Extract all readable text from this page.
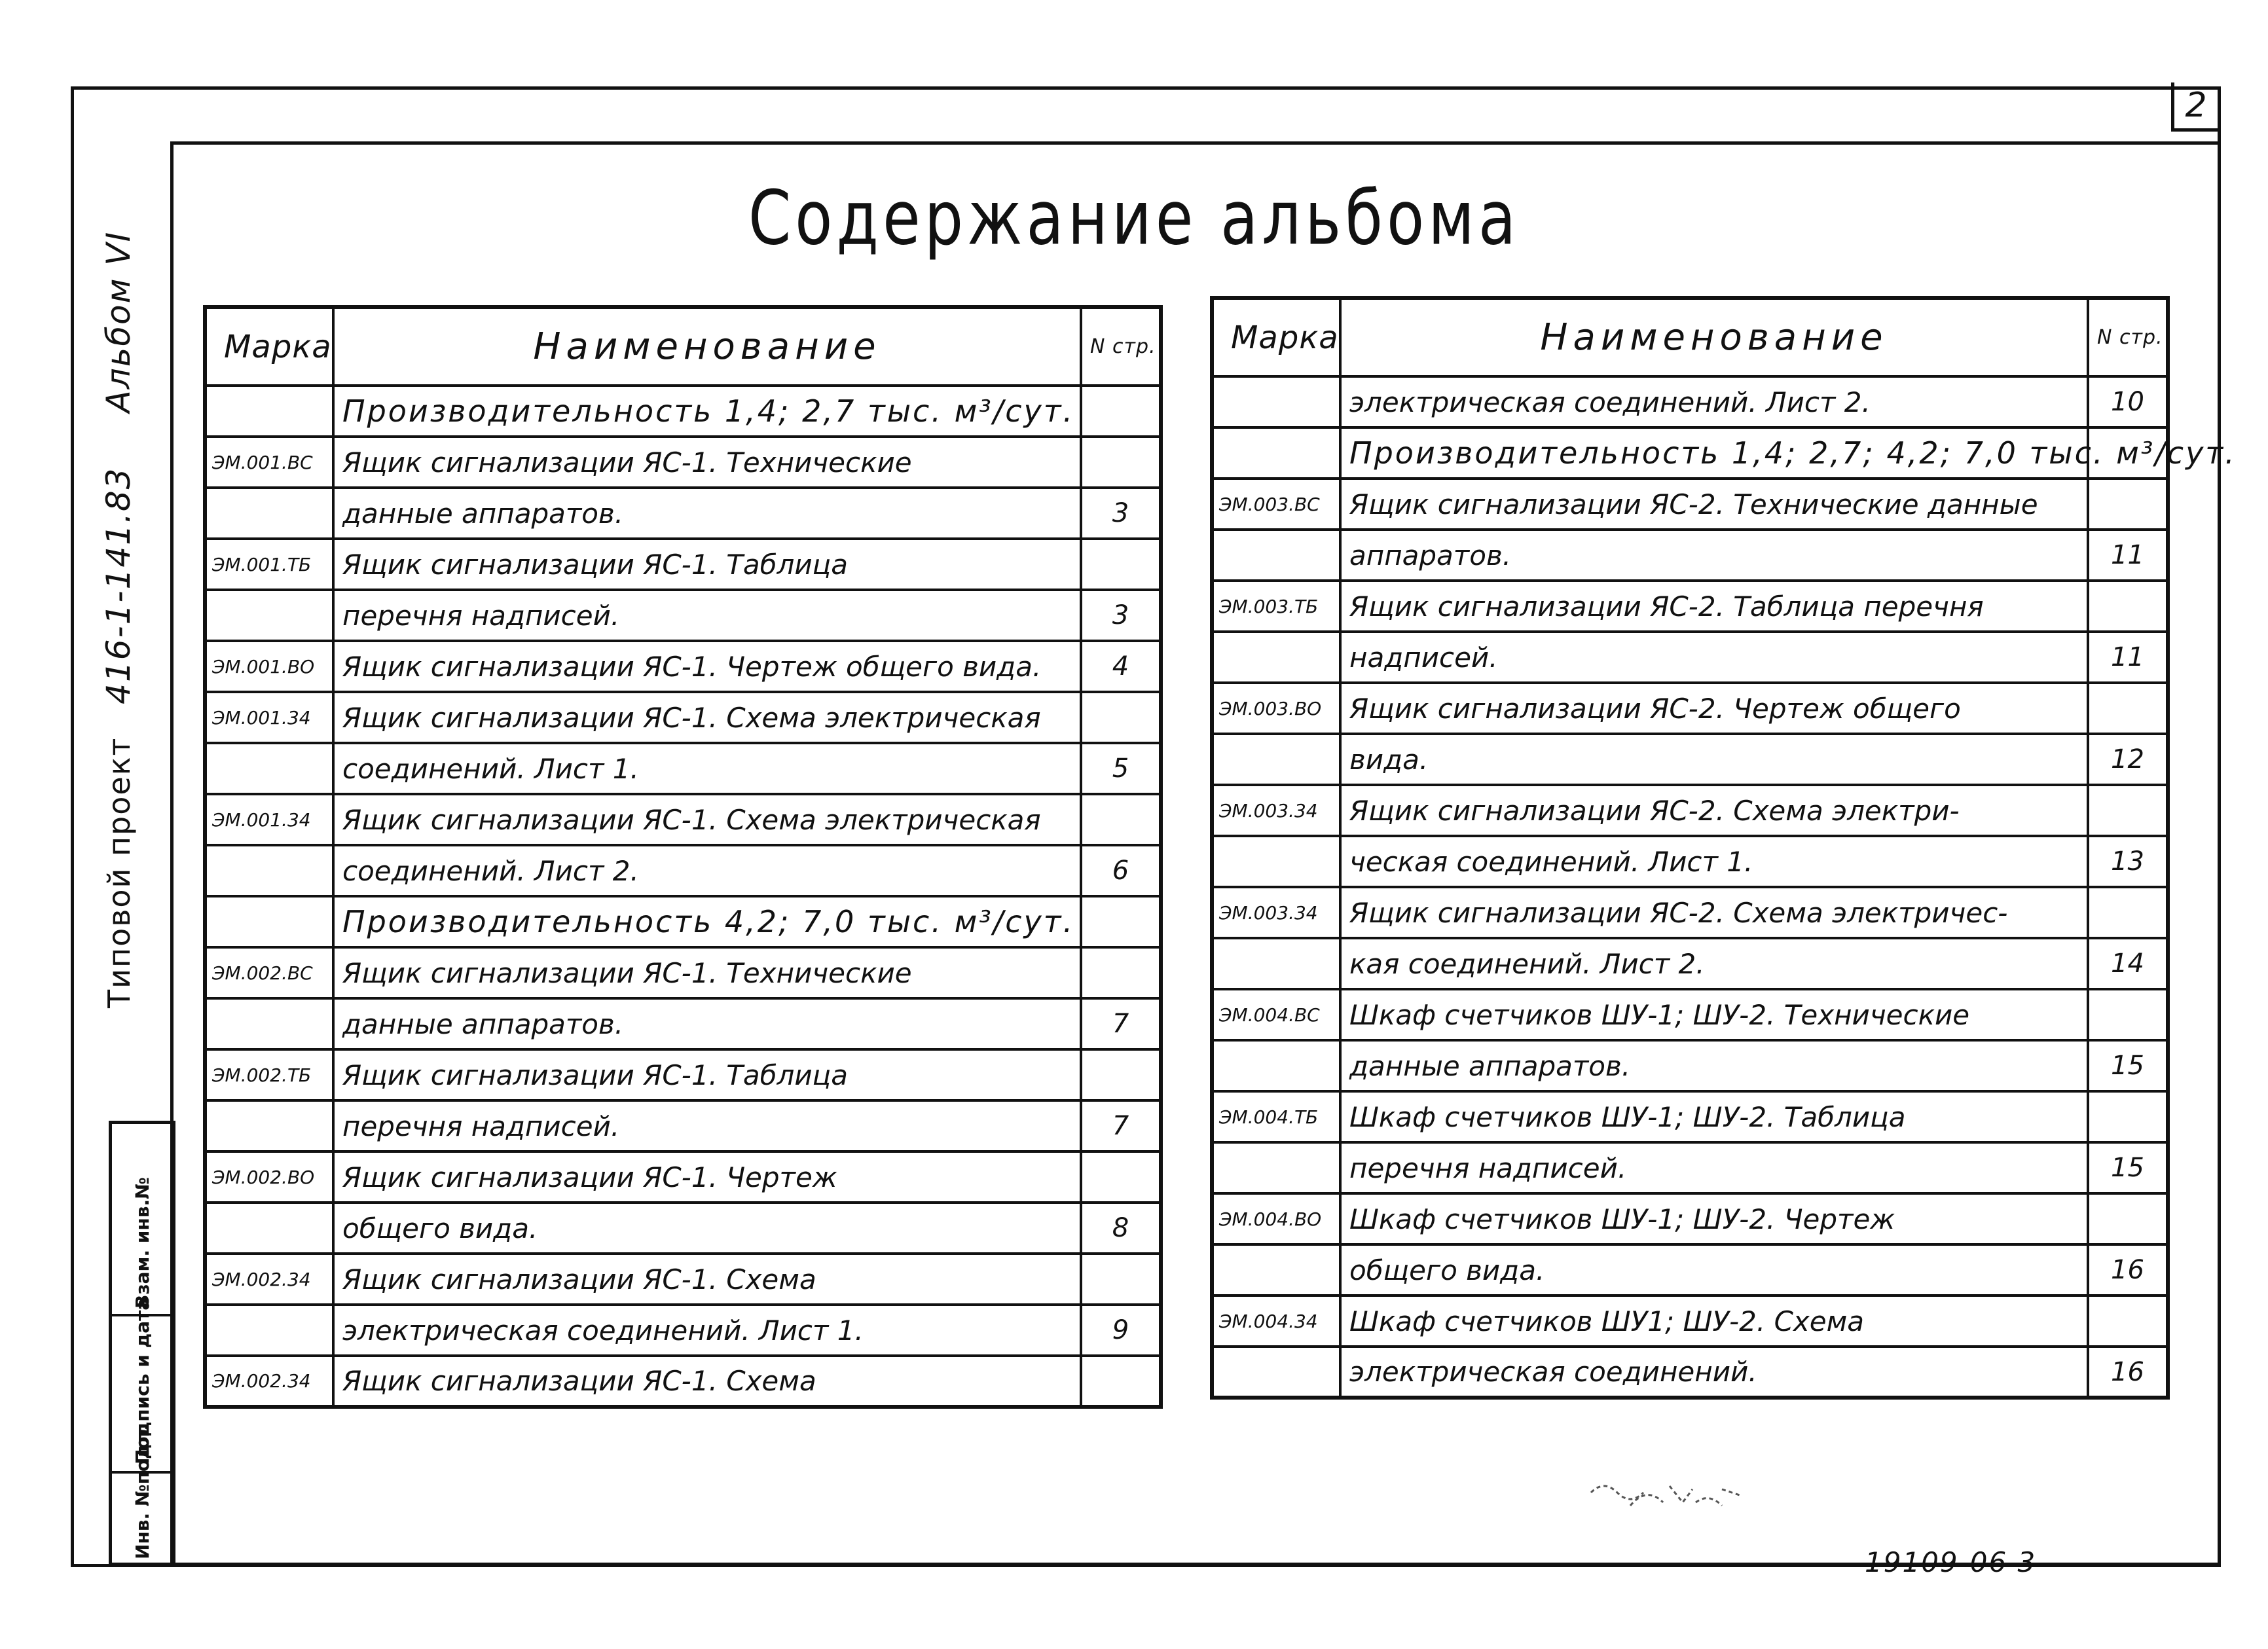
2
Содержание альбома
Типовой проект   416-1-141.83     Альбом VI
Инв. №подл.
Подпись и дата
Взам. инв.№
Марка	Наименование	N стр.
	Производительность 1,4; 2,7 тыс. м³/сут.	
ЭМ.001.ВС	Ящик сигнализации ЯС-1. Технические	
	данные аппаратов.	3
ЭМ.001.ТБ	Ящик сигнализации ЯС-1. Таблица	
	перечня надписей.	3
ЭМ.001.ВО	Ящик сигнализации ЯС-1. Чертеж общего вида.	4
ЭМ.001.34	Ящик сигнализации ЯС-1. Схема электрическая	
	соединений. Лист 1.	5
ЭМ.001.34	Ящик сигнализации ЯС-1. Схема электрическая	
	соединений. Лист 2.	6
	Производительность 4,2; 7,0 тыс. м³/сут.	
ЭМ.002.ВС	Ящик сигнализации ЯС-1. Технические	
	данные аппаратов.	7
ЭМ.002.ТБ	Ящик сигнализации ЯС-1. Таблица	
	перечня надписей.	7
ЭМ.002.ВО	Ящик сигнализации ЯС-1. Чертеж	
	общего вида.	8
ЭМ.002.34	Ящик сигнализации ЯС-1. Схема	
	электрическая соединений. Лист 1.	9
ЭМ.002.34	Ящик сигнализации ЯС-1. Схема	
Марка	Наименование	N стр.
	электрическая соединений. Лист 2.	10
	Производительность 1,4; 2,7; 4,2; 7,0 тыс. м³/сут.	
ЭМ.003.ВС	Ящик сигнализации ЯС-2. Технические данные	
	аппаратов.	11
ЭМ.003.ТБ	Ящик сигнализации ЯС-2. Таблица перечня	
	надписей.	11
ЭМ.003.ВО	Ящик сигнализации ЯС-2. Чертеж общего	
	вида.	12
ЭМ.003.34	Ящик сигнализации ЯС-2. Схема электри-	
	ческая соединений. Лист 1.	13
ЭМ.003.34	Ящик сигнализации ЯС-2. Схема электричес-	
	кая соединений. Лист 2.	14
ЭМ.004.ВС	Шкаф счетчиков ШУ-1; ШУ-2. Технические	
	данные аппаратов.	15
ЭМ.004.ТБ	Шкаф счетчиков ШУ-1; ШУ-2. Таблица	
	перечня надписей.	15
ЭМ.004.ВО	Шкаф счетчиков ШУ-1; ШУ-2. Чертеж	
	общего вида.	16
ЭМ.004.34	Шкаф счетчиков ШУ1; ШУ-2. Схема	
	электрическая соединений.	16
19109-06 3
